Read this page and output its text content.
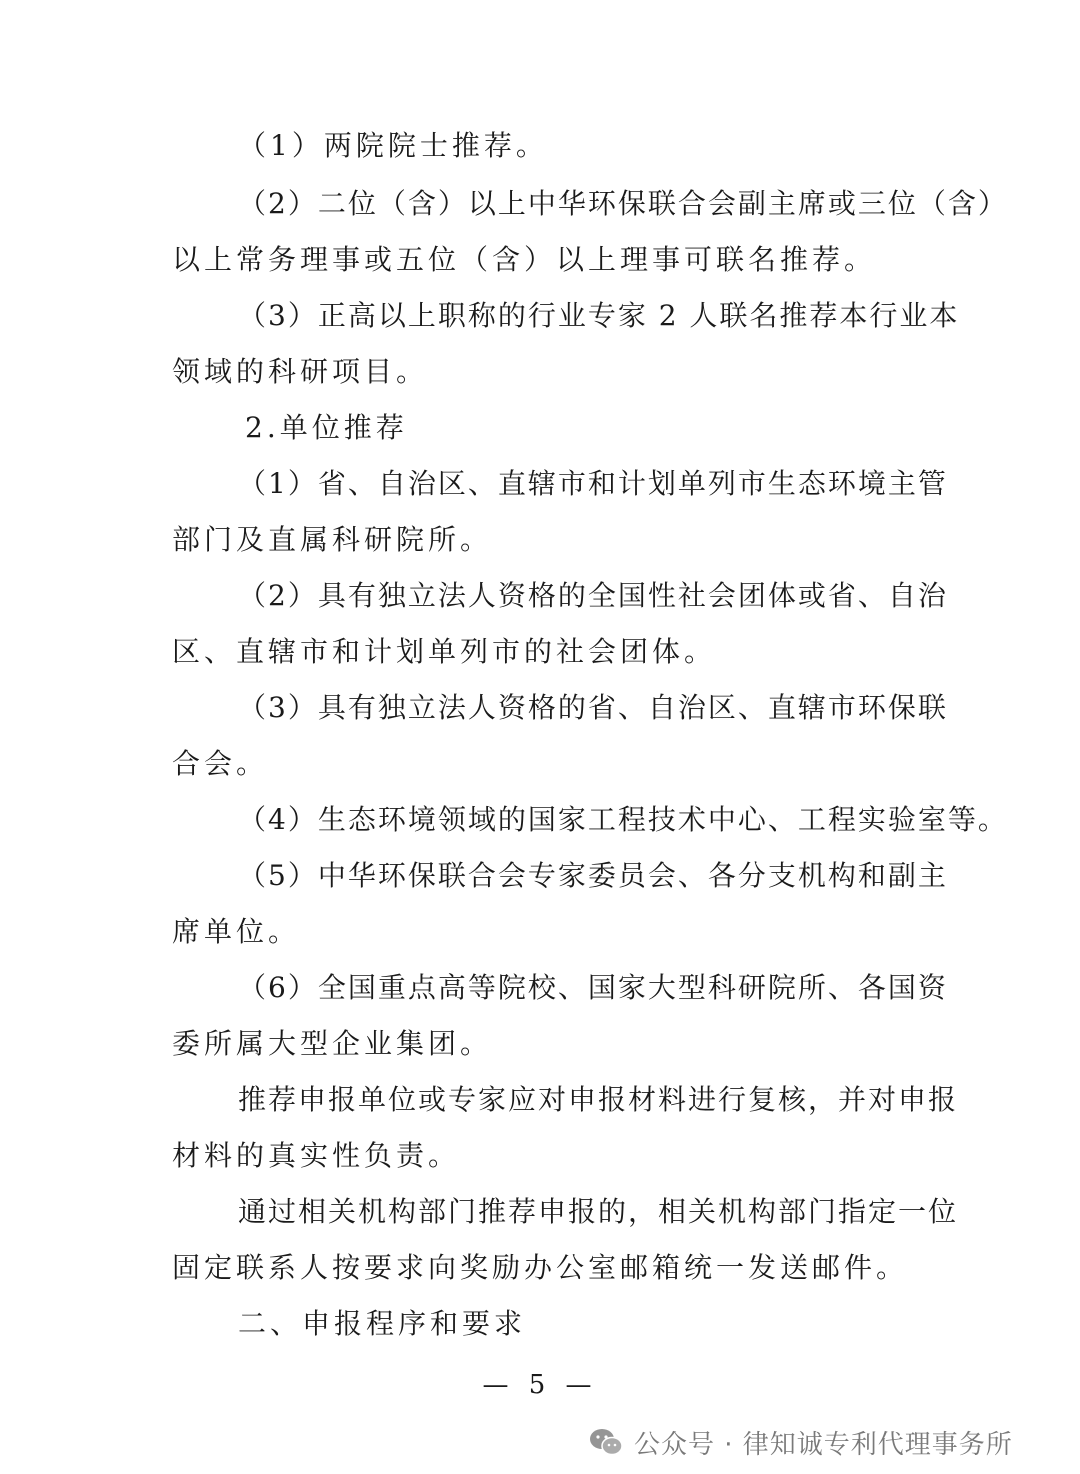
（1）两院院士推荐。
（2）二位（含）以上中华环保联合会副主席或三位（含）
以上常务理事或五位（含）以上理事可联名推荐。
（3）正高以上职称的行业专家 2 人联名推荐本行业本
领域的科研项目。
2.单位推荐
（1）省、自治区、直辖市和计划单列市生态环境主管
部门及直属科研院所。
（2）具有独立法人资格的全国性社会团体或省、自治
区、直辖市和计划单列市的社会团体。
（3）具有独立法人资格的省、自治区、直辖市环保联
合会。
（4）生态环境领域的国家工程技术中心、工程实验室等。
（5）中华环保联合会专家委员会、各分支机构和副主
席单位。
（6）全国重点高等院校、国家大型科研院所、各国资
委所属大型企业集团。
推荐申报单位或专家应对申报材料进行复核，并对申报
材料的真实性负责。
通过相关机构部门推荐申报的，相关机构部门指定一位
固定联系人按要求向奖励办公室邮箱统一发送邮件。
二、申报程序和要求
— 5 —
公众号 · 律知诚专利代理事务所
